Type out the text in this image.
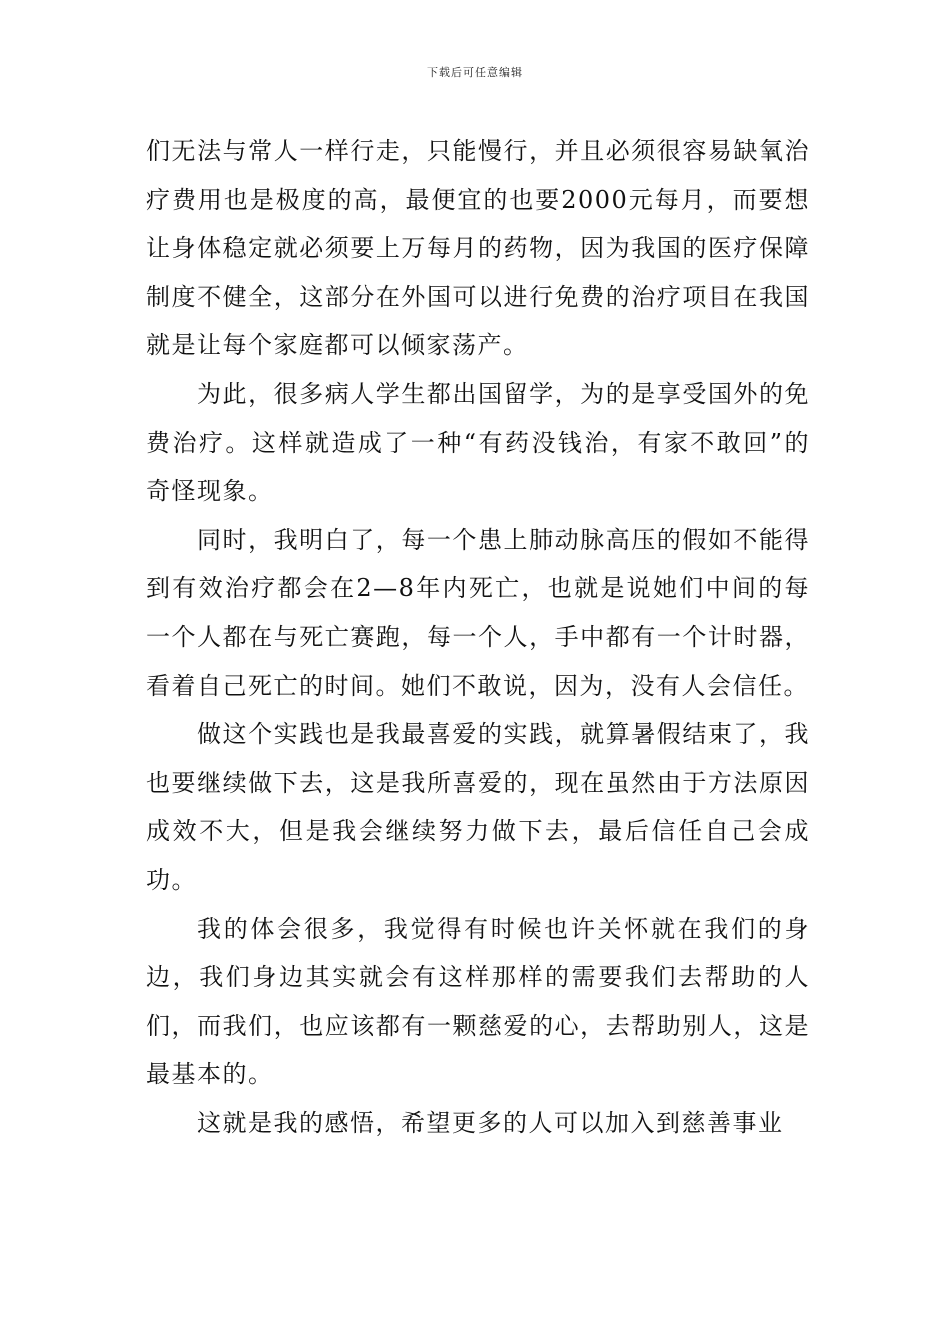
下载后可任意编辑

们无法与常人一样行走，只能慢行，并且必须很容易缺氧治疗费用也是极度的高，最便宜的也要2000元每月，而要想让身体稳定就必须要上万每月的药物，因为我国的医疗保障制度不健全，这部分在外国可以进行免费的治疗项目在我国就是让每个家庭都可以倾家荡产。

为此，很多病人学生都出国留学，为的是享受国外的免费治疗。这样就造成了一种“有药没钱治，有家不敢回”的奇怪现象。

同时，我明白了，每一个患上肺动脉高压的假如不能得到有效治疗都会在2—8年内死亡，也就是说她们中间的每一个人都在与死亡赛跑，每一个人，手中都有一个计时器，看着自己死亡的时间。她们不敢说，因为，没有人会信任。

做这个实践也是我最喜爱的实践，就算暑假结束了，我也要继续做下去，这是我所喜爱的，现在虽然由于方法原因成效不大，但是我会继续努力做下去，最后信任自己会成功。

我的体会很多，我觉得有时候也许关怀就在我们的身边，我们身边其实就会有这样那样的需要我们去帮助的人们，而我们，也应该都有一颗慈爱的心，去帮助别人，这是最基本的。

这就是我的感悟，希望更多的人可以加入到慈善事业
